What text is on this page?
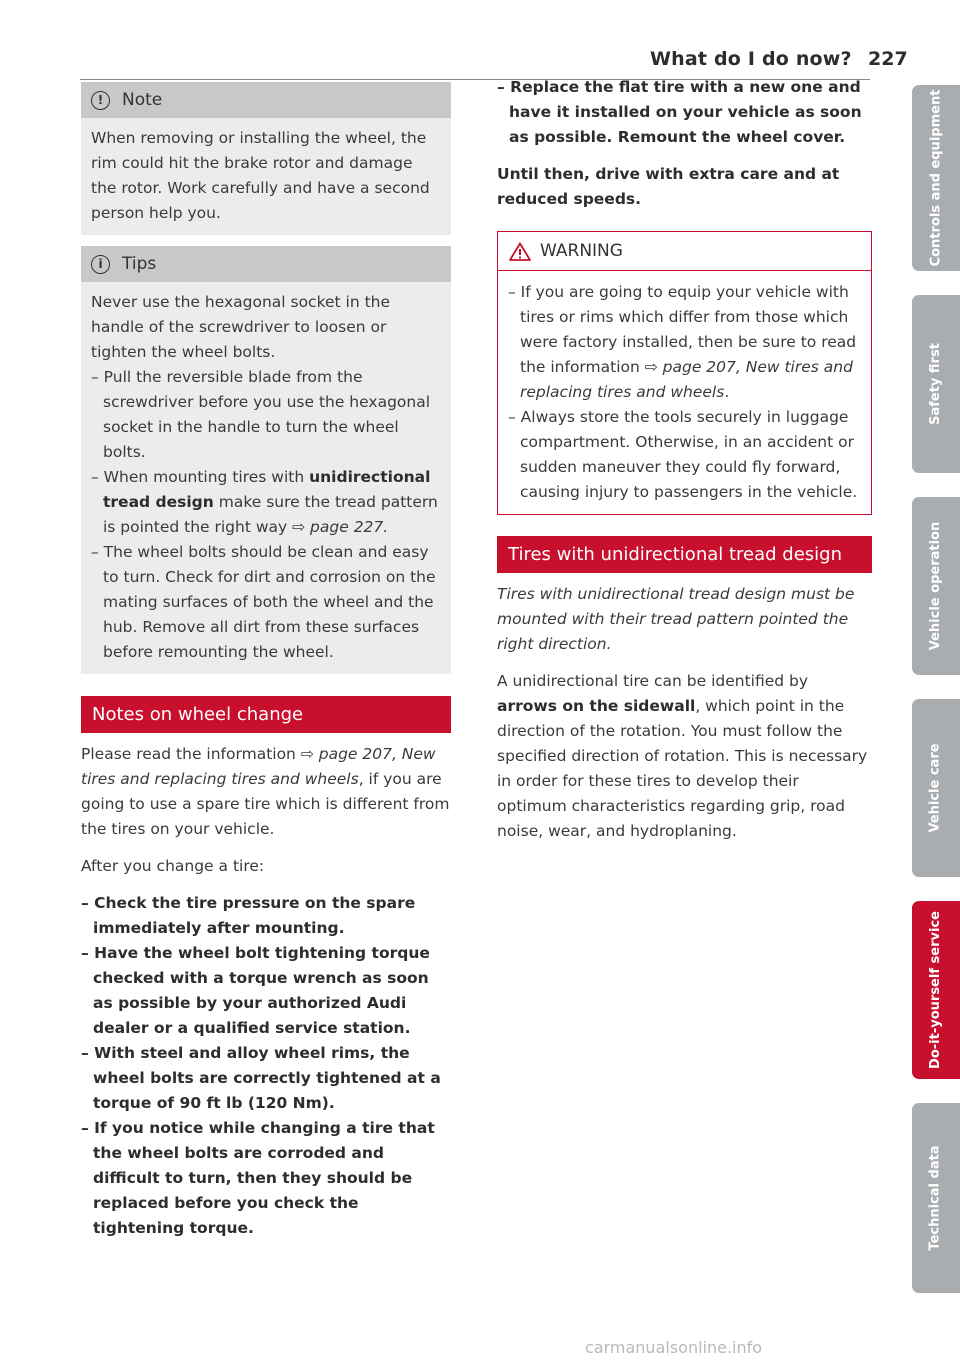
What do I do now? 227
!	Note

When removing or installing the wheel, the rim could hit the brake rotor and damage the rotor. Work carefully and have a second person help you.

i	Tips

Never use the hexagonal socket in the handle of the screwdriver to loosen or tighten the wheel bolts.

– Pull the reversible blade from the screwdriver before you use the hexagonal socket in the handle to turn the wheel bolts.
– When mounting tires with unidirectional tread design make sure the tread pattern is pointed the right way ⇨ page 227.
– The wheel bolts should be clean and easy to turn. Check for dirt and corrosion on the mating surfaces of both the wheel and the hub. Remove all dirt from these surfaces before remounting the wheel.
Notes on wheel change

Please read the information ⇨ page 207, New tires and replacing tires and wheels, if you are going to use a spare tire which is different from the tires on your vehicle.

After you change a tire:

– Check the tire pressure on the spare immediately after mounting.
– Have the wheel bolt tightening torque checked with a torque wrench as soon as possible by your authorized Audi dealer or a qualified service station.
– With steel and alloy wheel rims, the wheel bolts are correctly tightened at a torque of 90 ft lb (120 Nm).
– If you notice while changing a tire that the wheel bolts are corroded and difficult to turn, then they should be replaced before you check the tightening torque.
– Replace the flat tire with a new one and have it installed on your vehicle as soon as possible. Remount the wheel cover.

Until then, drive with extra care and at reduced speeds.

WARNING
– If you are going to equip your vehicle with tires or rims which differ from those which were factory installed, then be sure to read the information ⇨ page 207, New tires and replacing tires and wheels.
– Always store the tools securely in luggage compartment. Otherwise, in an accident or sudden maneuver they could fly forward, causing injury to passengers in the vehicle.
Tires with unidirectional tread design

Tires with unidirectional tread design must be mounted with their tread pattern pointed the right direction.

A unidirectional tire can be identified by arrows on the sidewall, which point in the direction of the rotation. You must follow the specified direction of rotation. This is necessary in order for these tires to develop their optimum characteristics regarding grip, road noise, wear, and hydroplaning.

Controls and equipment
Safety first
Vehicle operation
Vehicle care
Do-it-yourself service
Technical data
carmanualsonline.info
